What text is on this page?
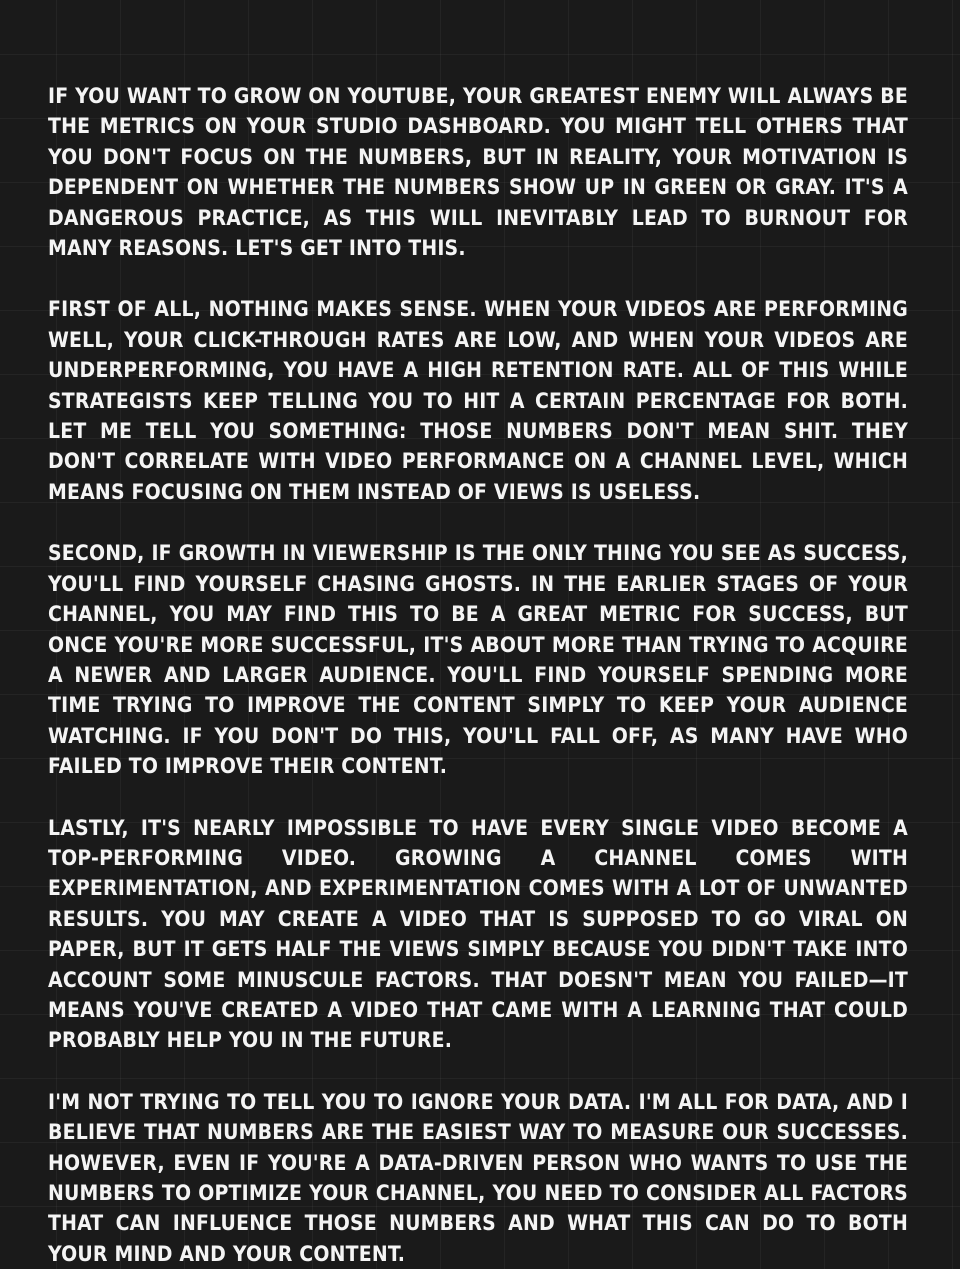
IF YOU WANT TO GROW ON YOUTUBE, YOUR GREATEST ENEMY WILL ALWAYS BE THE METRICS ON YOUR STUDIO DASHBOARD. YOU MIGHT TELL OTHERS THAT YOU DON'T FOCUS ON THE NUMBERS, BUT IN REALITY, YOUR MOTIVATION IS DEPENDENT ON WHETHER THE NUMBERS SHOW UP IN GREEN OR GRAY. IT'S A DANGEROUS PRACTICE, AS THIS WILL INEVITABLY LEAD TO BURNOUT FOR MANY REASONS. LET'S GET INTO THIS.

FIRST OF ALL, NOTHING MAKES SENSE. WHEN YOUR VIDEOS ARE PERFORMING WELL, YOUR CLICK-THROUGH RATES ARE LOW, AND WHEN YOUR VIDEOS ARE UNDERPERFORMING, YOU HAVE A HIGH RETENTION RATE. ALL OF THIS WHILE STRATEGISTS KEEP TELLING YOU TO HIT A CERTAIN PERCENTAGE FOR BOTH. LET ME TELL YOU SOMETHING: THOSE NUMBERS DON'T MEAN SHIT. THEY DON'T CORRELATE WITH VIDEO PERFORMANCE ON A CHANNEL LEVEL, WHICH MEANS FOCUSING ON THEM INSTEAD OF VIEWS IS USELESS.

SECOND, IF GROWTH IN VIEWERSHIP IS THE ONLY THING YOU SEE AS SUCCESS, YOU'LL FIND YOURSELF CHASING GHOSTS. IN THE EARLIER STAGES OF YOUR CHANNEL, YOU MAY FIND THIS TO BE A GREAT METRIC FOR SUCCESS, BUT ONCE YOU'RE MORE SUCCESSFUL, IT'S ABOUT MORE THAN TRYING TO ACQUIRE A NEWER AND LARGER AUDIENCE. YOU'LL FIND YOURSELF SPENDING MORE TIME TRYING TO IMPROVE THE CONTENT SIMPLY TO KEEP YOUR AUDIENCE WATCHING. IF YOU DON'T DO THIS, YOU'LL FALL OFF, AS MANY HAVE WHO FAILED TO IMPROVE THEIR CONTENT.

LASTLY, IT'S NEARLY IMPOSSIBLE TO HAVE EVERY SINGLE VIDEO BECOME A TOP-PERFORMING VIDEO. GROWING A CHANNEL COMES WITH EXPERIMENTATION, AND EXPERIMENTATION COMES WITH A LOT OF UNWANTED RESULTS. YOU MAY CREATE A VIDEO THAT IS SUPPOSED TO GO VIRAL ON PAPER, BUT IT GETS HALF THE VIEWS SIMPLY BECAUSE YOU DIDN'T TAKE INTO ACCOUNT SOME MINUSCULE FACTORS. THAT DOESN'T MEAN YOU FAILED—IT MEANS YOU'VE CREATED A VIDEO THAT CAME WITH A LEARNING THAT COULD PROBABLY HELP YOU IN THE FUTURE.

I'M NOT TRYING TO TELL YOU TO IGNORE YOUR DATA. I'M ALL FOR DATA, AND I BELIEVE THAT NUMBERS ARE THE EASIEST WAY TO MEASURE OUR SUCCESSES. HOWEVER, EVEN IF YOU'RE A DATA-DRIVEN PERSON WHO WANTS TO USE THE NUMBERS TO OPTIMIZE YOUR CHANNEL, YOU NEED TO CONSIDER ALL FACTORS THAT CAN INFLUENCE THOSE NUMBERS AND WHAT THIS CAN DO TO BOTH YOUR MIND AND YOUR CONTENT.
